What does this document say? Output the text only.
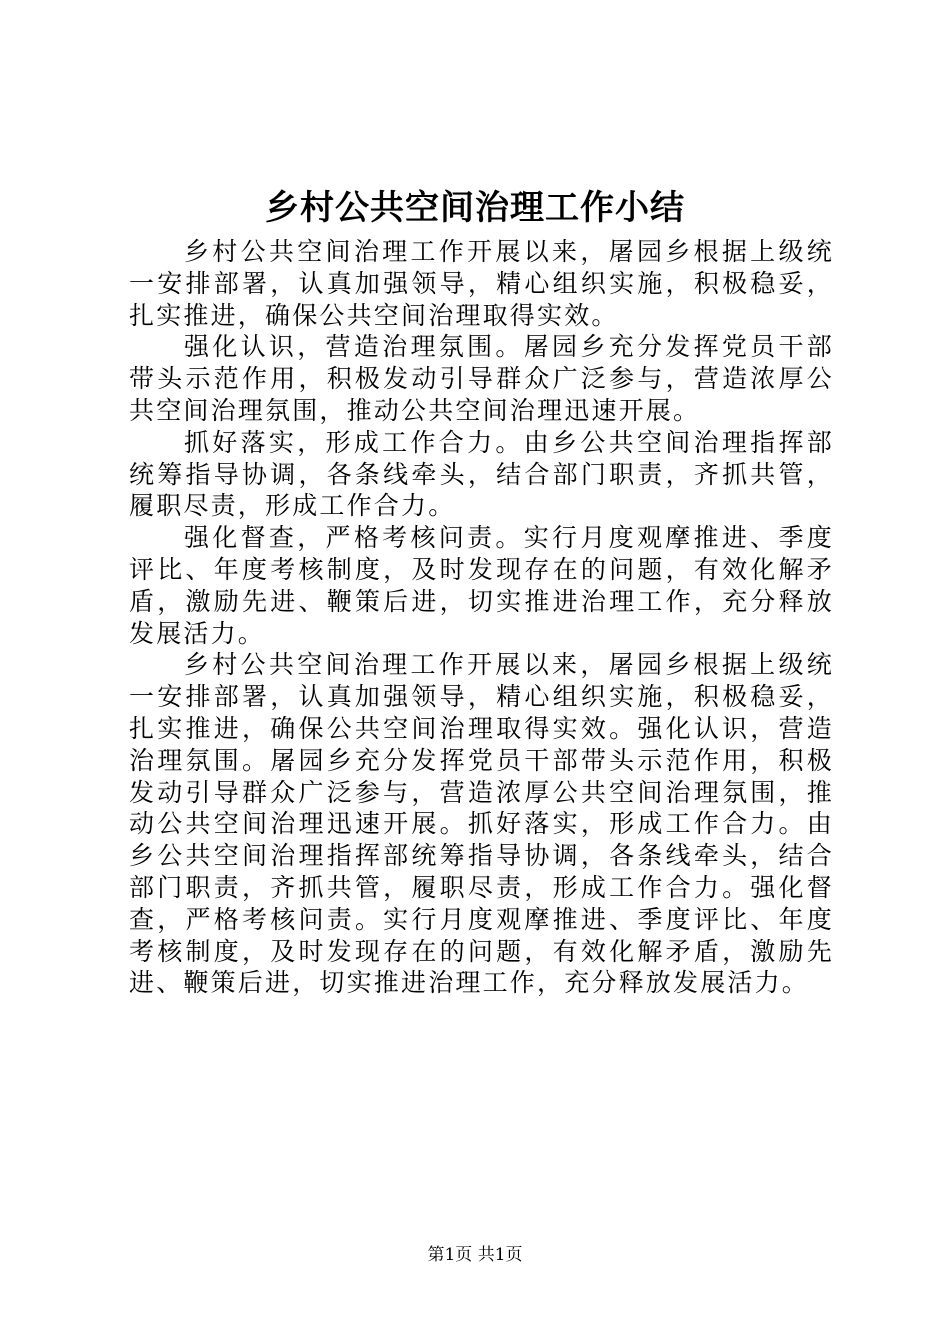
乡村公共空间治理工作小结

乡村公共空间治理工作开展以来，屠园乡根据上级统一安排部署，认真加强领导，精心组织实施，积极稳妥，扎实推进，确保公共空间治理取得实效。

强化认识，营造治理氛围。屠园乡充分发挥党员干部带头示范作用，积极发动引导群众广泛参与，营造浓厚公共空间治理氛围，推动公共空间治理迅速开展。

抓好落实，形成工作合力。由乡公共空间治理指挥部统筹指导协调，各条线牵头，结合部门职责，齐抓共管，履职尽责，形成工作合力。

强化督查，严格考核问责。实行月度观摩推进、季度评比、年度考核制度，及时发现存在的问题，有效化解矛盾，激励先进、鞭策后进，切实推进治理工作，充分释放发展活力。

乡村公共空间治理工作开展以来，屠园乡根据上级统一安排部署，认真加强领导，精心组织实施，积极稳妥，扎实推进，确保公共空间治理取得实效。强化认识，营造治理氛围。屠园乡充分发挥党员干部带头示范作用，积极发动引导群众广泛参与，营造浓厚公共空间治理氛围，推动公共空间治理迅速开展。抓好落实，形成工作合力。由乡公共空间治理指挥部统筹指导协调，各条线牵头，结合部门职责，齐抓共管，履职尽责，形成工作合力。强化督查，严格考核问责。实行月度观摩推进、季度评比、年度考核制度，及时发现存在的问题，有效化解矛盾，激励先进、鞭策后进，切实推进治理工作，充分释放发展活力。

第1页 共1页
